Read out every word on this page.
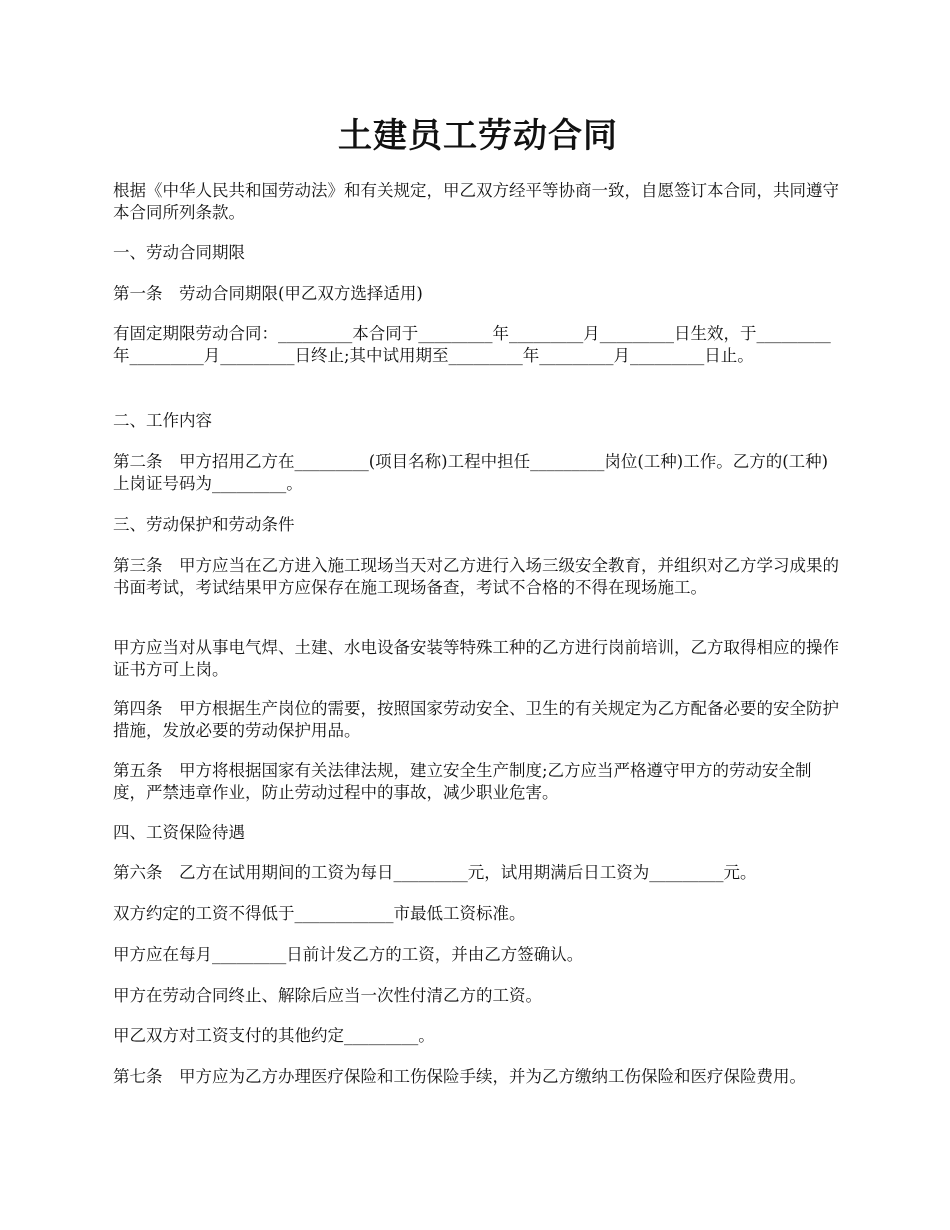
土建员工劳动合同

根据《中华人民共和国劳动法》和有关规定，甲乙双方经平等协商一致，自愿签订本合同，共同遵守本合同所列条款。

一、劳动合同期限

第一条　劳动合同期限(甲乙双方选择适用)

有固定期限劳动合同：_________本合同于_________年_________月_________日生效，于_________年_________月_________日终止;其中试用期至_________年_________月_________日止。

二、工作内容

第二条　甲方招用乙方在_________(项目名称)工程中担任_________岗位(工种)工作。乙方的(工种)上岗证号码为_________。

三、劳动保护和劳动条件

第三条　甲方应当在乙方进入施工现场当天对乙方进行入场三级安全教育，并组织对乙方学习成果的书面考试，考试结果甲方应保存在施工现场备查，考试不合格的不得在现场施工。

甲方应当对从事电气焊、土建、水电设备安装等特殊工种的乙方进行岗前培训，乙方取得相应的操作证书方可上岗。

第四条　甲方根据生产岗位的需要，按照国家劳动安全、卫生的有关规定为乙方配备必要的安全防护措施，发放必要的劳动保护用品。

第五条　甲方将根据国家有关法律法规，建立安全生产制度;乙方应当严格遵守甲方的劳动安全制度，严禁违章作业，防止劳动过程中的事故，减少职业危害。

四、工资保险待遇

第六条　乙方在试用期间的工资为每日_________元，试用期满后日工资为_________元。

双方约定的工资不得低于____________市最低工资标准。

甲方应在每月_________日前计发乙方的工资，并由乙方签确认。

甲方在劳动合同终止、解除后应当一次性付清乙方的工资。

甲乙双方对工资支付的其他约定_________。

第七条　甲方应为乙方办理医疗保险和工伤保险手续，并为乙方缴纳工伤保险和医疗保险费用。
